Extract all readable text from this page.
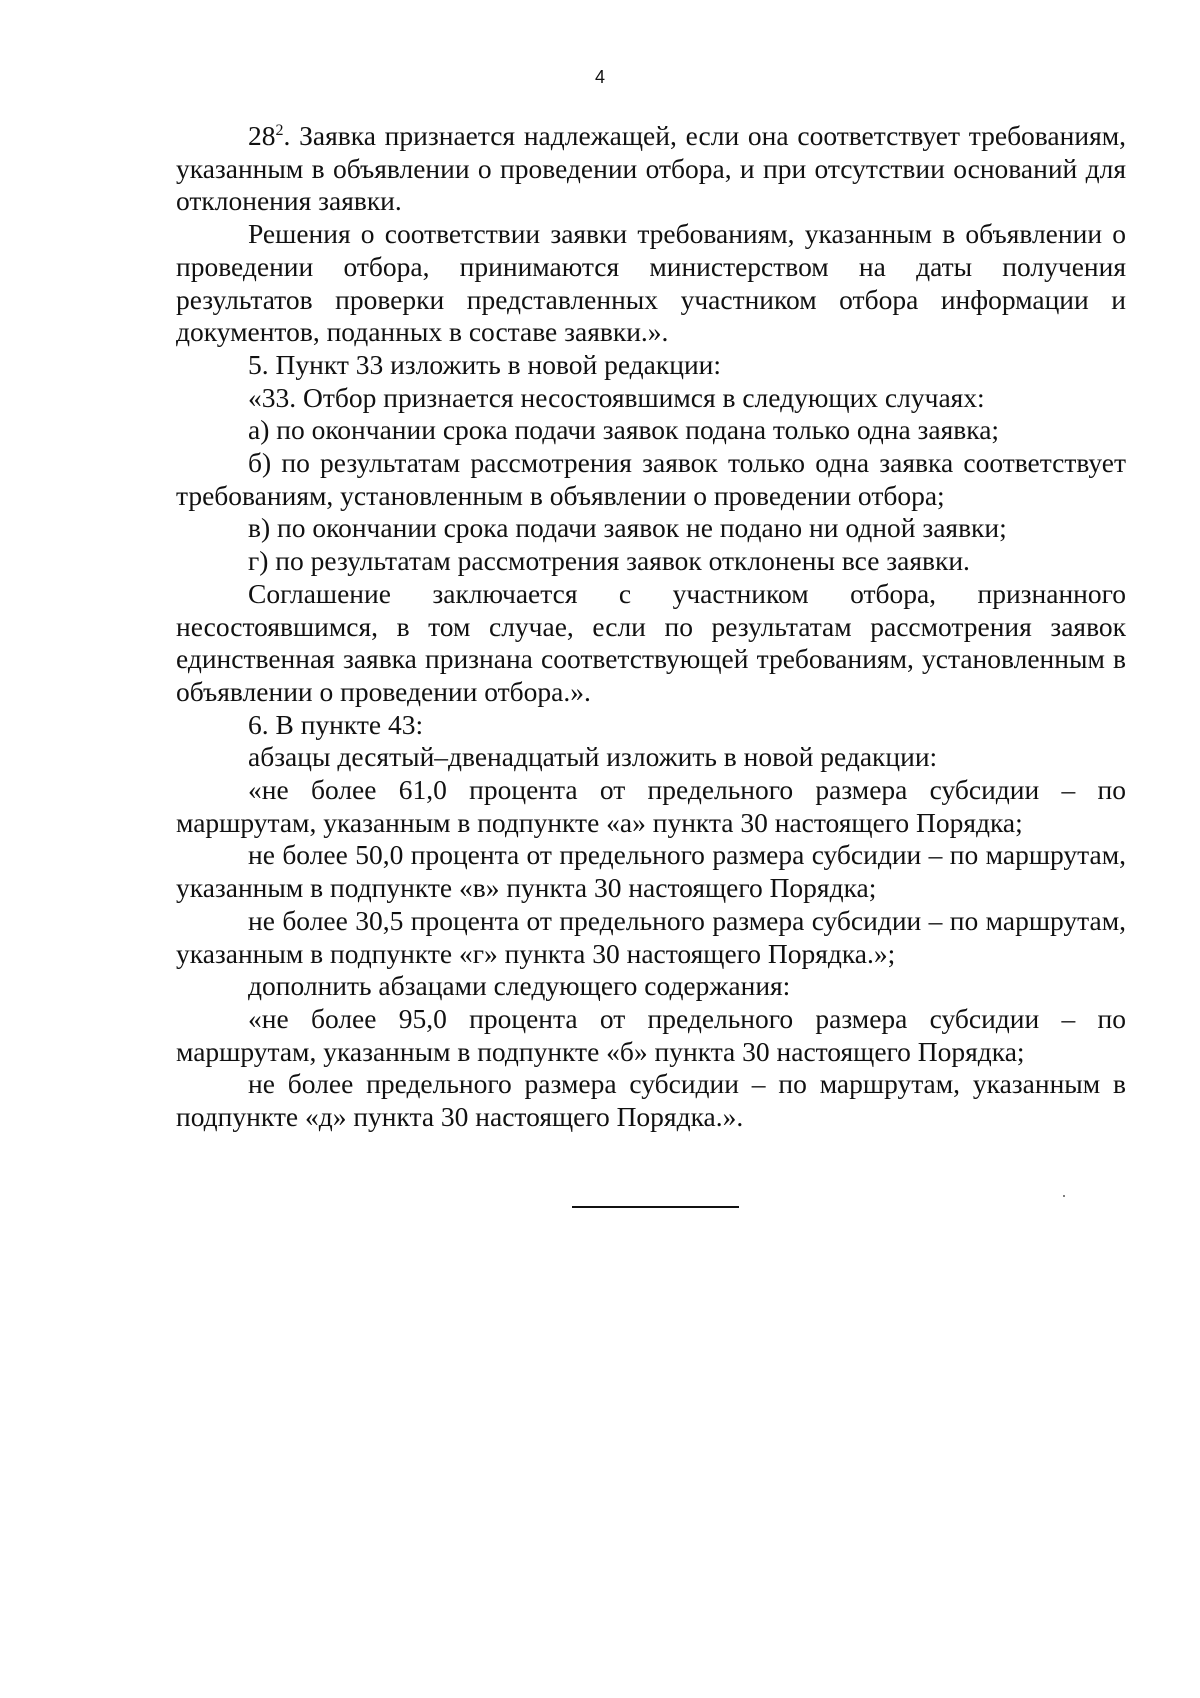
4

$28^2$. Заявка признается надлежащей, если она соответствует требованиям, указанным в объявлении о проведении отбора, и при отсутствии оснований для отклонения заявки.

Решения о соответствии заявки требованиям, указанным в объявлении о проведении отбора, принимаются министерством на даты получения результатов проверки представленных участником отбора информации и документов, поданных в составе заявки.».

5. Пункт 33 изложить в новой редакции:

«33. Отбор признается несостоявшимся в следующих случаях:

а) по окончании срока подачи заявок подана только одна заявка;

б) по результатам рассмотрения заявок только одна заявка соответствует требованиям, установленным в объявлении о проведении отбора;

в) по окончании срока подачи заявок не подано ни одной заявки;

г) по результатам рассмотрения заявок отклонены все заявки.

Соглашение заключается с участником отбора, признанного несостоявшимся, в том случае, если по результатам рассмотрения заявок единственная заявка признана соответствующей требованиям, установленным в объявлении о проведении отбора.».

6. В пункте 43:

абзацы десятый–двенадцатый изложить в новой редакции:

«не более 61,0 процента от предельного размера субсидии – по маршрутам, указанным в подпункте «а» пункта 30 настоящего Порядка;

не более 50,0 процента от предельного размера субсидии – по маршрутам, указанным в подпункте «в» пункта 30 настоящего Порядка;

не более 30,5 процента от предельного размера субсидии – по маршрутам, указанным в подпункте «г» пункта 30 настоящего Порядка.»;

дополнить абзацами следующего содержания:

«не более 95,0 процента от предельного размера субсидии – по маршрутам, указанным в подпункте «б» пункта 30 настоящего Порядка;

не более предельного размера субсидии – по маршрутам, указанным в подпункте «д» пункта 30 настоящего Порядка.».
